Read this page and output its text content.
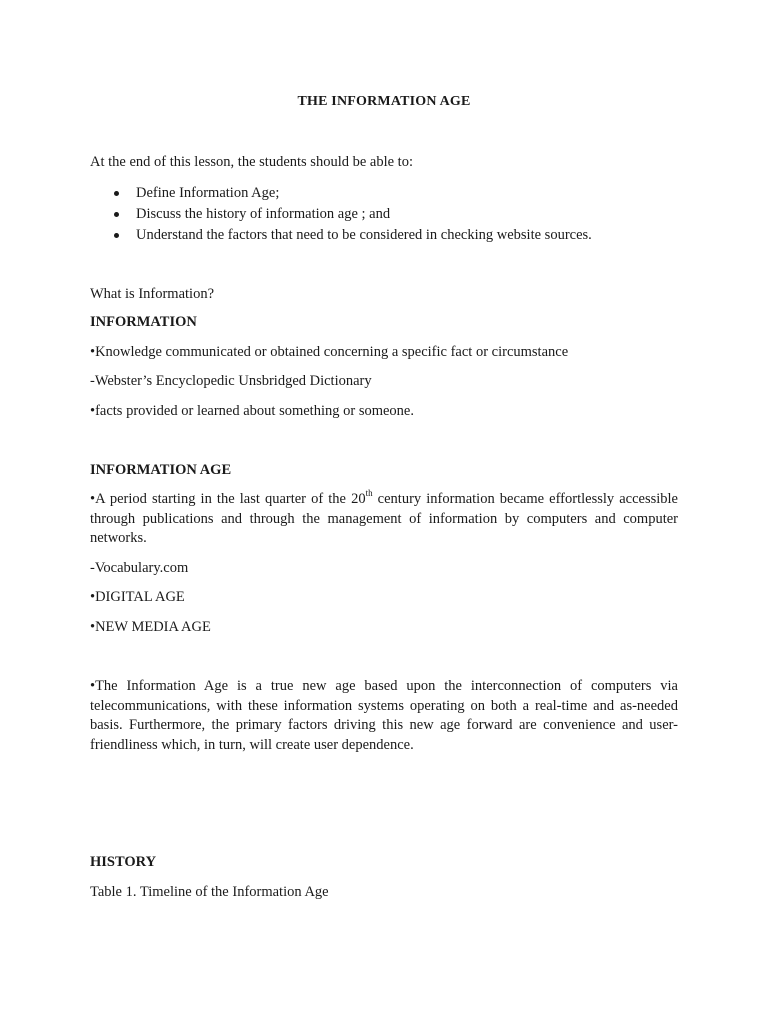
THE INFORMATION AGE
At the end of this lesson, the students should be able to:
Define Information Age;
Discuss the history of information age ; and
Understand the factors that need to be considered in checking website sources.
What is Information?
INFORMATION
•Knowledge communicated or obtained concerning a specific fact or circumstance
-Webster’s Encyclopedic Unsbridged Dictionary
•facts provided or learned about something or someone.
INFORMATION AGE
•A period starting in the last quarter of the 20th century information became effortlessly accessible through publications and through the management of information by computers and computer networks.
-Vocabulary.com
•DIGITAL AGE
•NEW MEDIA AGE
•The Information Age is a true new age based upon the interconnection of computers via telecommunications, with these information systems operating on both a real-time and as-needed basis. Furthermore, the primary factors driving this new age forward are convenience and user-friendliness which, in turn, will create user dependence.
HISTORY
Table 1. Timeline of the Information Age
